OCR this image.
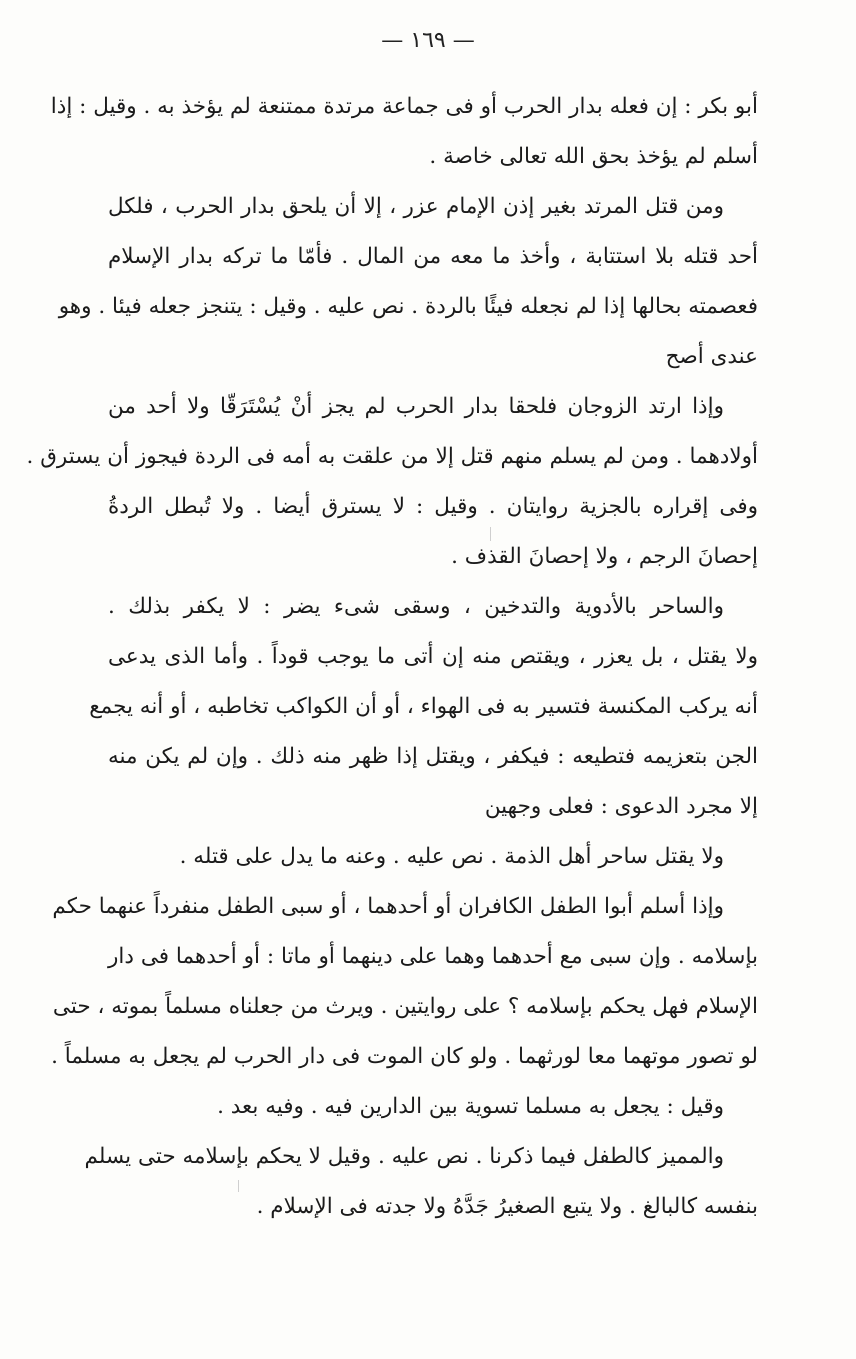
— ١٦٩ —
أبو بكر : إن فعله بدار الحرب أو فى جماعة مرتدة ممتنعة لم يؤخذ به . وقيل : إذا
أسلم لم يؤخذ بحق الله تعالى خاصة .
ومن قتل المرتد بغير إذن الإمام عزر ، إلا أن يلحق بدار الحرب ، فلكل
أحد قتله بلا استتابة ، وأخذ ما معه من المال . فأمّا ما تركه بدار الإسلام
فعصمته بحالها إذا لم نجعله فيئًا بالردة . نص عليه . وقيل : يتنجز جعله فيئا . وهو
عندى أصح
وإذا ارتد الزوجان فلحقا بدار الحرب لم يجز أنْ يُسْتَرَقّا ولا أحد من
أولادهما . ومن لم يسلم منهم قتل إلا من علقت به أمه فى الردة فيجوز أن يسترق .
وفى إقراره بالجزية روايتان . وقيل : لا يسترق أيضا . ولا تُبطل الردةُ
إحصانَ الرجم ، ولا إحصانَ القذف .
والساحر بالأدوية والتدخين ، وسقى شىء يضر : لا يكفر بذلك .
ولا يقتل ، بل يعزر ، ويقتص منه إن أتى ما يوجب قوداً . وأما الذى يدعى
أنه يركب المكنسة فتسير به فى الهواء ، أو أن الكواكب تخاطبه ، أو أنه يجمع
الجن بتعزيمه فتطيعه : فيكفر ، ويقتل إذا ظهر منه ذلك . وإن لم يكن منه
إلا مجرد الدعوى : فعلى وجهين
ولا يقتل ساحر أهل الذمة . نص عليه . وعنه ما يدل على قتله .
وإذا أسلم أبوا الطفل الكافران أو أحدهما ، أو سبى الطفل منفرداً عنهما حكم
بإسلامه . وإن سبى مع أحدهما وهما على دينهما أو ماتا : أو أحدهما فى دار
الإسلام فهل يحكم بإسلامه ؟ على روايتين . ويرث من جعلناه مسلماً بموته ، حتى
لو تصور موتهما معا لورثهما . ولو كان الموت فى دار الحرب لم يجعل به مسلماً .
وقيل : يجعل به مسلما تسوية بين الدارين فيه . وفيه بعد .
والمميز كالطفل فيما ذكرنا . نص عليه . وقيل لا يحكم بإسلامه حتى يسلم
بنفسه كالبالغ . ولا يتبع الصغيرُ جَدَّهُ ولا جدته فى الإسلام .
